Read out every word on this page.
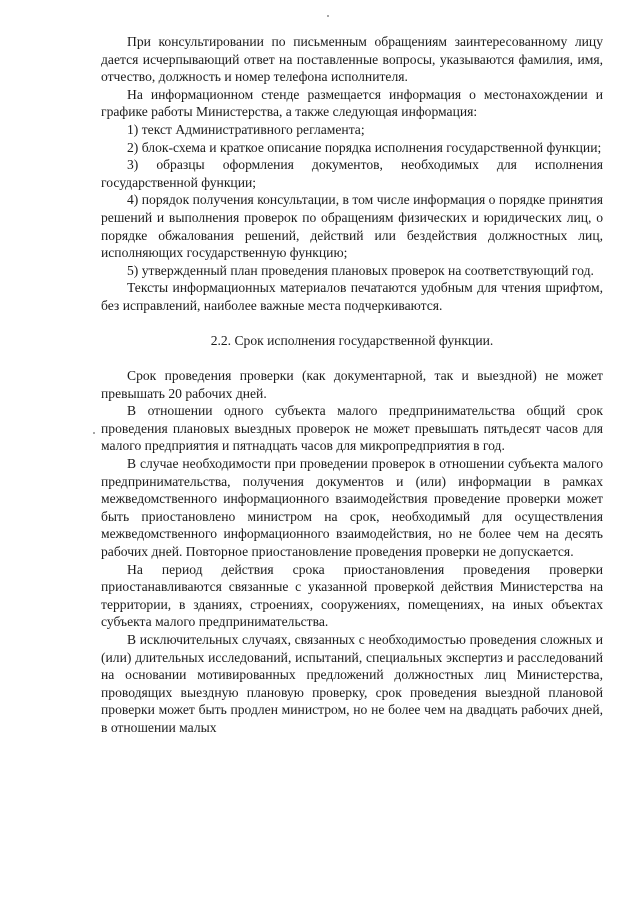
При консультировании по письменным обращениям заинтересованному лицу дается исчерпывающий ответ на поставленные вопросы, указываются фамилия, имя, отчество, должность и номер телефона исполнителя.

На информационном стенде размещается информация о местонахождении и графике работы Министерства, а также следующая информация:

1) текст Административного регламента;

2) блок-схема и краткое описание порядка исполнения государственной функции;

3) образцы оформления документов, необходимых для исполнения государственной функции;

4) порядок получения консультации, в том числе информация о порядке принятия решений и выполнения проверок по обращениям физических и юридических лиц, о порядке обжалования решений, действий или бездействия должностных лиц, исполняющих государственную функцию;

5) утвержденный план проведения плановых проверок на соответствующий год.

Тексты информационных материалов печатаются удобным для чтения шрифтом, без исправлений, наиболее важные места подчеркиваются.

2.2. Срок исполнения государственной функции.

Срок проведения проверки (как документарной, так и выездной) не может превышать 20 рабочих дней.

В отношении одного субъекта малого предпринимательства общий срок проведения плановых выездных проверок не может превышать пятьдесят часов для малого предприятия и пятнадцать часов для микропредприятия в год.

В случае необходимости при проведении проверок в отношении субъекта малого предпринимательства, получения документов и (или) информации в рамках межведомственного информационного взаимодействия проведение проверки может быть приостановлено министром на срок, необходимый для осуществления межведомственного информационного взаимодействия, но не более чем на десять рабочих дней. Повторное приостановление проведения проверки не допускается.

На период действия срока приостановления проведения проверки приостанавливаются связанные с указанной проверкой действия Министерства на территории, в зданиях, строениях, сооружениях, помещениях, на иных объектах субъекта малого предпринимательства.

В исключительных случаях, связанных с необходимостью проведения сложных и (или) длительных исследований, испытаний, специальных экспертиз и расследований на основании мотивированных предложений должностных лиц Министерства, проводящих выездную плановую проверку, срок проведения выездной плановой проверки может быть продлен министром, но не более чем на двадцать рабочих дней, в отношении малых
